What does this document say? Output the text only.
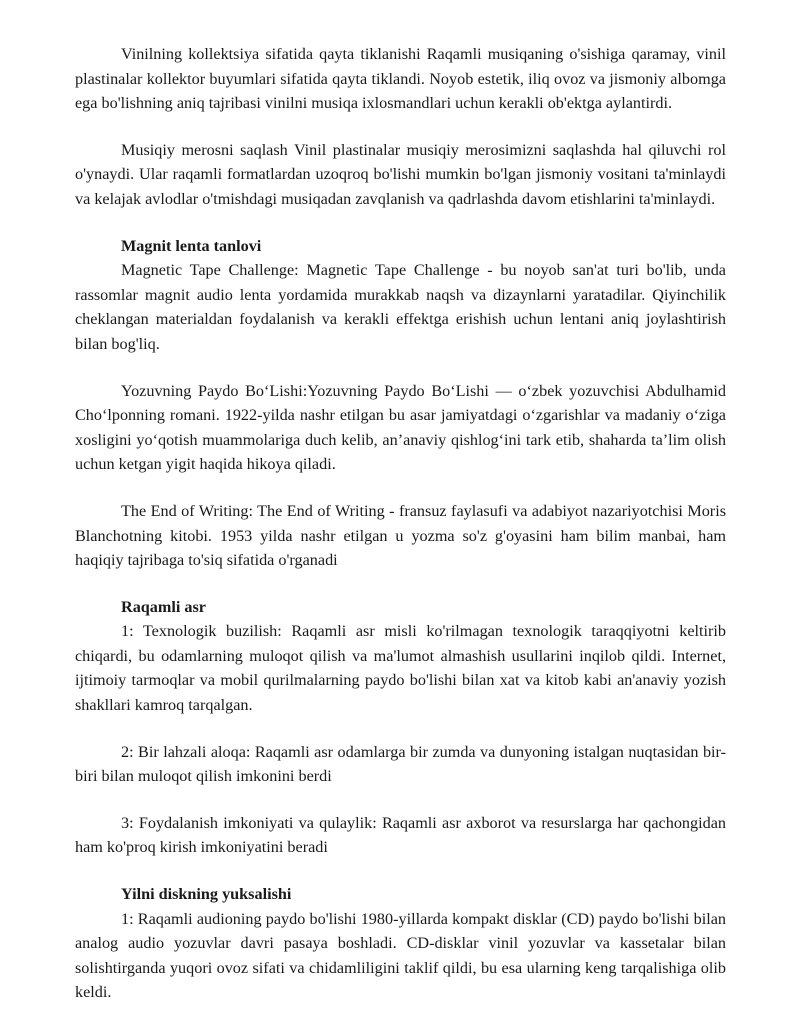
Vinilning kollektsiya sifatida qayta tiklanishi Raqamli musiqaning o'sishiga qaramay, vinil plastinalar kollektor buyumlari sifatida qayta tiklandi. Noyob estetik, iliq ovoz va jismoniy albomga ega bo'lishning aniq tajribasi vinilni musiqa ixlosmandlari uchun kerakli ob'ektga aylantirdi.

Musiqiy merosni saqlash Vinil plastinalar musiqiy merosimizni saqlashda hal qiluvchi rol o'ynaydi. Ular raqamli formatlardan uzoqroq bo'lishi mumkin bo'lgan jismoniy vositani ta'minlaydi va kelajak avlodlar o'tmishdagi musiqadan zavqlanish va qadrlashda davom etishlarini ta'minlaydi.

Magnit lenta tanlovi

Magnetic Tape Challenge: Magnetic Tape Challenge - bu noyob san'at turi bo'lib, unda rassomlar magnit audio lenta yordamida murakkab naqsh va dizaynlarni yaratadilar. Qiyinchilik cheklangan materialdan foydalanish va kerakli effektga erishish uchun lentani aniq joylashtirish bilan bog'liq.

Yozuvning Paydo Bo‘Lishi:Yozuvning Paydo Bo‘Lishi — o‘zbek yozuvchisi Abdulhamid Cho‘lponning romani. 1922-yilda nashr etilgan bu asar jamiyatdagi o‘zgarishlar va madaniy o‘ziga xosligini yo‘qotish muammolariga duch kelib, an’anaviy qishlog‘ini tark etib, shaharda ta’lim olish uchun ketgan yigit haqida hikoya qiladi.

The End of Writing: The End of Writing - fransuz faylasufi va adabiyot nazariyotchisi Moris Blanchotning kitobi. 1953 yilda nashr etilgan u yozma so'z g'oyasini ham bilim manbai, ham haqiqiy tajribaga to'siq sifatida o'rganadi

Raqamli asr

1: Texnologik buzilish: Raqamli asr misli ko'rilmagan texnologik taraqqiyotni keltirib chiqardi, bu odamlarning muloqot qilish va ma'lumot almashish usullarini inqilob qildi. Internet, ijtimoiy tarmoqlar va mobil qurilmalarning paydo bo'lishi bilan xat va kitob kabi an'anaviy yozish shakllari kamroq tarqalgan.

2: Bir lahzali aloqa: Raqamli asr odamlarga bir zumda va dunyoning istalgan nuqtasidan bir-biri bilan muloqot qilish imkonini berdi

3: Foydalanish imkoniyati va qulaylik: Raqamli asr axborot va resurslarga har qachongidan ham ko'proq kirish imkoniyatini beradi

Yilni diskning yuksalishi

1: Raqamli audioning paydo bo'lishi 1980-yillarda kompakt disklar (CD) paydo bo'lishi bilan analog audio yozuvlar davri pasaya boshladi. CD-disklar vinil yozuvlar va kassetalar bilan solishtirganda yuqori ovoz sifati va chidamliligini taklif qildi, bu esa ularning keng tarqalishiga olib keldi.
